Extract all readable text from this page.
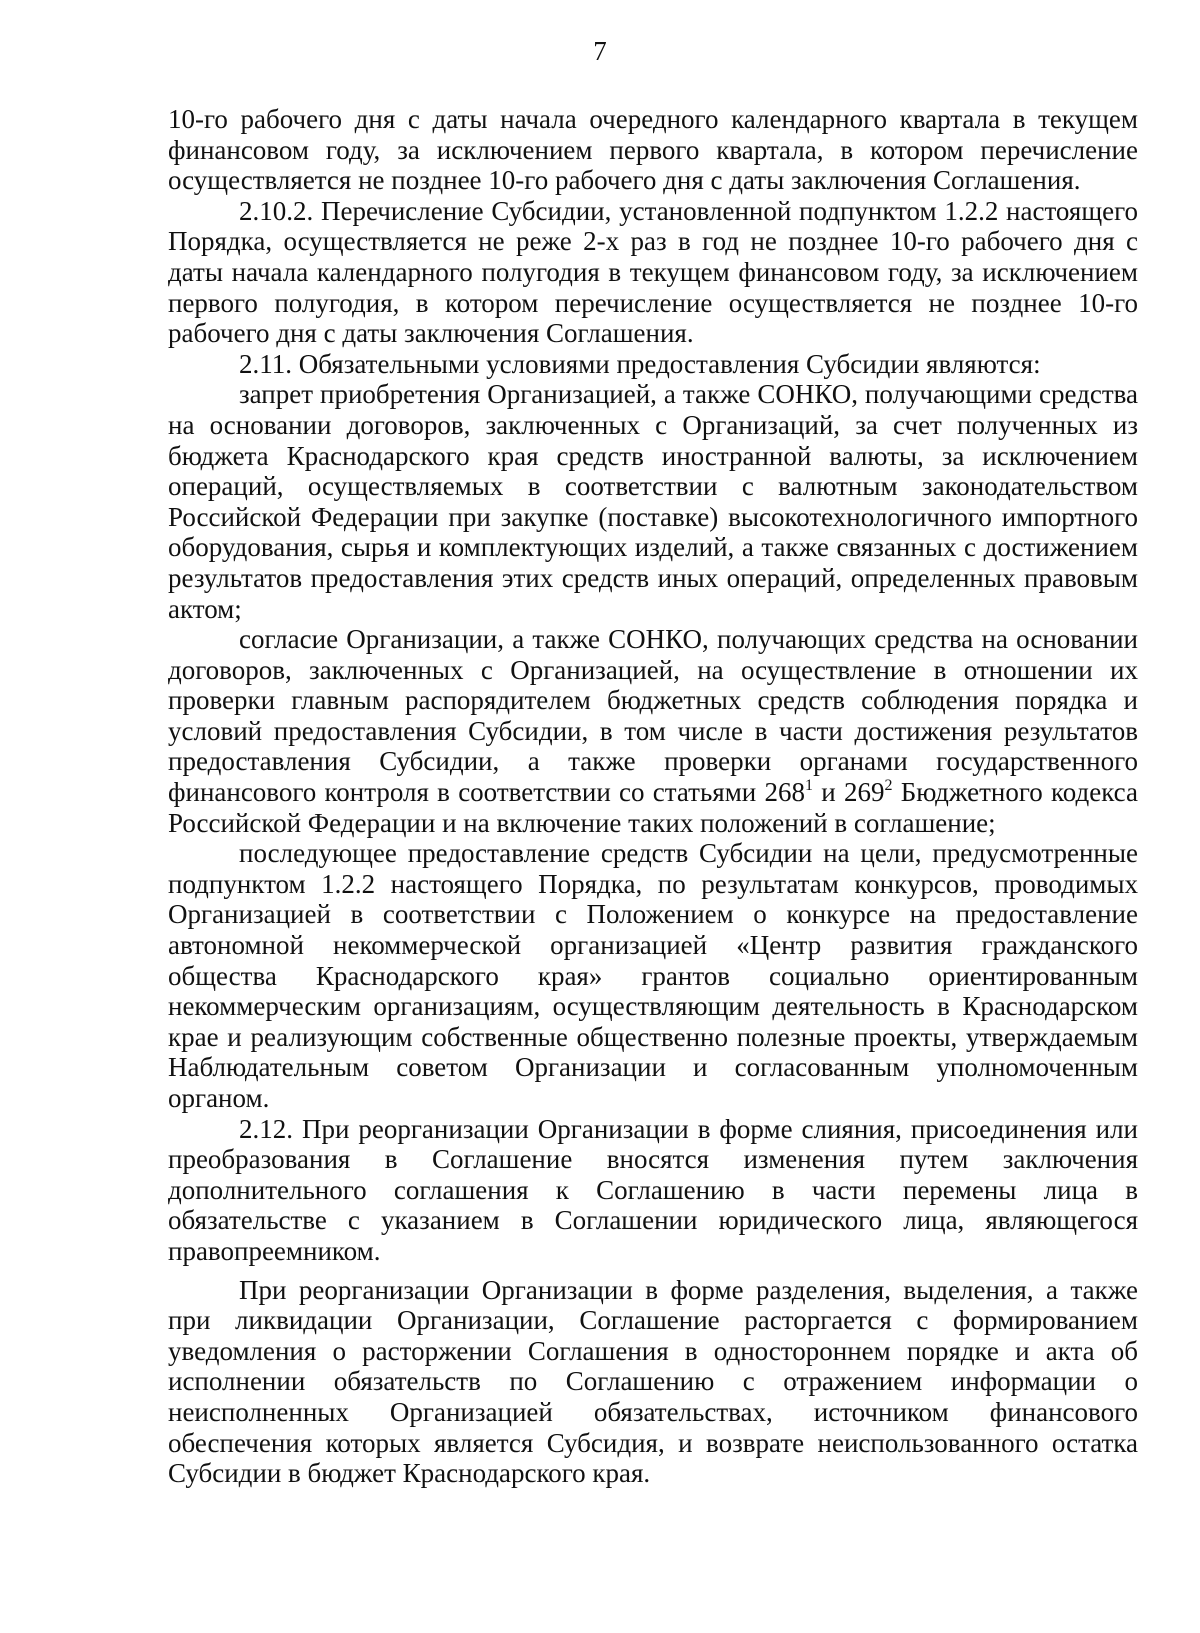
7

10-го рабочего дня с даты начала очередного календарного квартала в текущем финансовом году, за исключением первого квартала, в котором перечисление осуществляется не позднее 10-го рабочего дня с даты заключения Соглашения.

2.10.2. Перечисление Субсидии, установленной подпунктом 1.2.2 настоящего Порядка, осуществляется не реже 2-х раз в год не позднее 10-го рабочего дня с даты начала календарного полугодия в текущем финансовом году, за исключением первого полугодия, в котором перечисление осуществляется не позднее 10-го рабочего дня с даты заключения Соглашения.

2.11. Обязательными условиями предоставления Субсидии являются:

запрет приобретения Организацией, а также СОНКО, получающими средства на основании договоров, заключенных с Организаций, за счет полученных из бюджета Краснодарского края средств иностранной валюты, за исключением операций, осуществляемых в соответствии с валютным законодательством Российской Федерации при закупке (поставке) высокотехнологичного импортного оборудования, сырья и комплектующих изделий, а также связанных с достижением результатов предоставления этих средств иных операций, определенных правовым актом;

согласие Организации, а также СОНКО, получающих средства на основании договоров, заключенных с Организацией, на осуществление в отношении их проверки главным распорядителем бюджетных средств соблюдения порядка и условий предоставления Субсидии, в том числе в части достижения результатов предоставления Субсидии, а также проверки органами государственного финансового контроля в соответствии со статьями $268^1$ и $269^2$ Бюджетного кодекса Российской Федерации и на включение таких положений в соглашение;

последующее предоставление средств Субсидии на цели, предусмотренные подпунктом 1.2.2 настоящего Порядка, по результатам конкурсов, проводимых Организацией в соответствии с Положением о конкурсе на предоставление автономной некоммерческой организацией «Центр развития гражданского общества Краснодарского края» грантов социально ориентированным некоммерческим организациям, осуществляющим деятельность в Краснодарском крае и реализующим собственные общественно полезные проекты, утверждаемым Наблюдательным советом Организации и согласованным уполномоченным органом.

2.12. При реорганизации Организации в форме слияния, присоединения или преобразования в Соглашение вносятся изменения путем заключения дополнительного соглашения к Соглашению в части перемены лица в обязательстве с указанием в Соглашении юридического лица, являющегося правопреемником.

При реорганизации Организации в форме разделения, выделения, а также при ликвидации Организации, Соглашение расторгается с формированием уведомления о расторжении Соглашения в одностороннем порядке и акта об исполнении обязательств по Соглашению с отражением информации о неисполненных Организацией обязательствах, источником финансового обеспечения которых является Субсидия, и возврате неиспользованного остатка Субсидии в бюджет Краснодарского края.
